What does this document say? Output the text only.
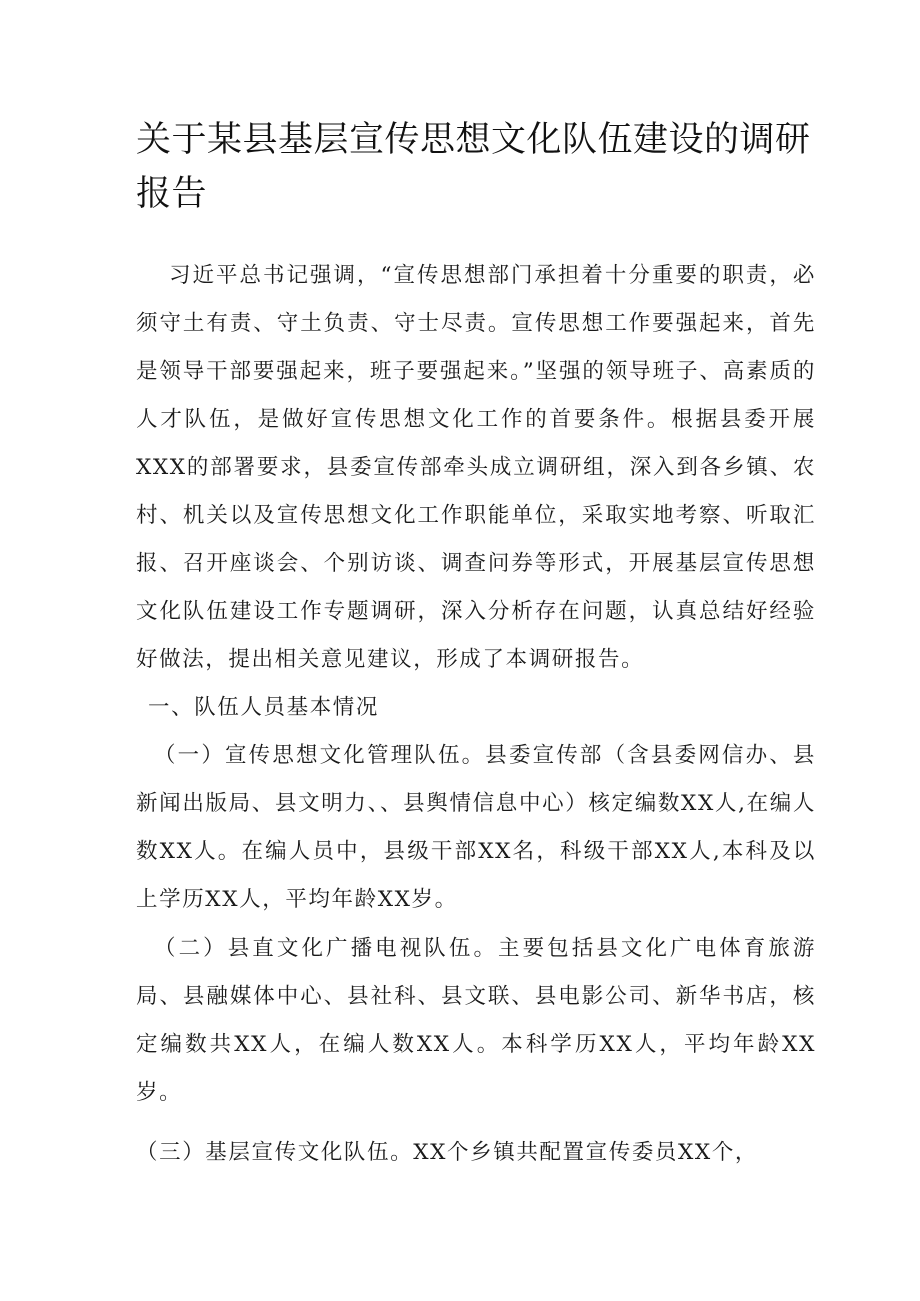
关于某县基层宣传思想文化队伍建设的调研报告

习近平总书记强调，“宣传思想部门承担着十分重要的职责，必须守土有责、守土负责、守士尽责。宣传思想工作要强起来，首先是领导干部要强起来，班子要强起来。”坚强的领导班子、高素质的人才队伍，是做好宣传思想文化工作的首要条件。根据县委开展XXX的部署要求，县委宣传部牵头成立调研组，深入到各乡镇、农村、机关以及宣传思想文化工作职能单位，采取实地考察、听取汇报、召开座谈会、个别访谈、调查问券等形式，开展基层宣传思想文化队伍建设工作专题调研，深入分析存在问题，认真总结好经验好做法，提出相关意见建议，形成了本调研报告。

一、队伍人员基本情况

（一）宣传思想文化管理队伍。县委宣传部（含县委网信办、县新闻出版局、县文明力、、县舆情信息中心）核定编数XX人,在编人数XX人。在编人员中，县级干部XX名，科级干部XX人,本科及以上学历XX人，平均年龄XX岁。

（二）县直文化广播电视队伍。主要包括县文化广电体育旅游局、县融媒体中心、县社科、县文联、县电影公司、新华书店，核定编数共XX人，在编人数XX人。本科学历XX人，平均年龄XX岁。

（三）基层宣传文化队伍。XX个乡镇共配置宣传委员XX个，
